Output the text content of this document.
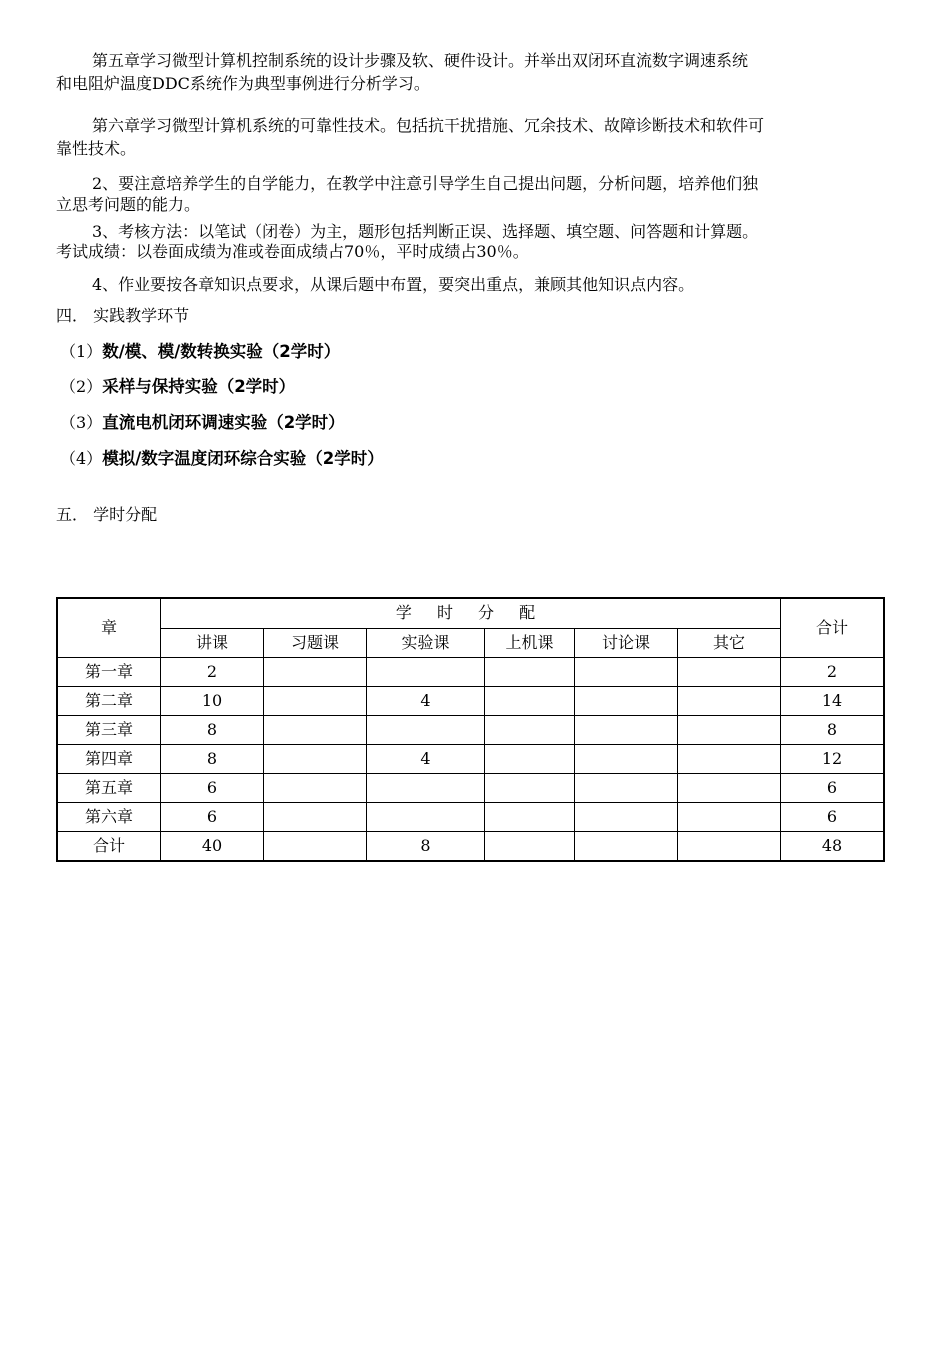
第五章学习微型计算机控制系统的设计步骤及软、硬件设计。并举出双闭环直流数字调速系统
和电阻炉温度DDC系统作为典型事例进行分析学习。
第六章学习微型计算机系统的可靠性技术。包括抗干扰措施、冗余技术、故障诊断技术和软件可
靠性技术。
2、要注意培养学生的自学能力，在教学中注意引导学生自己提出问题，分析问题，培养他们独
立思考问题的能力。
3、考核方法：以笔试（闭卷）为主，题形包括判断正误、选择题、填空题、问答题和计算题。
考试成绩：以卷面成绩为准或卷面成绩占70％，平时成绩占30％。
4、作业要按各章知识点要求，从课后题中布置，要突出重点，兼顾其他知识点内容。
四． 实践教学环节
（1）数/模、模/数转换实验（2学时）
（2）采样与保持实验（2学时）
（3）直流电机闭环调速实验（2学时）
（4）模拟/数字温度闭环综合实验（2学时）
五． 学时分配
章	学 时 分 配						合计
	讲课	习题课	实验课	上机课	讨论课	其它	
第一章	2						2
第二章	10		4				14
第三章	8						8
第四章	8		4				12
第五章	6						6
第六章	6						6
合计	40		8				48
